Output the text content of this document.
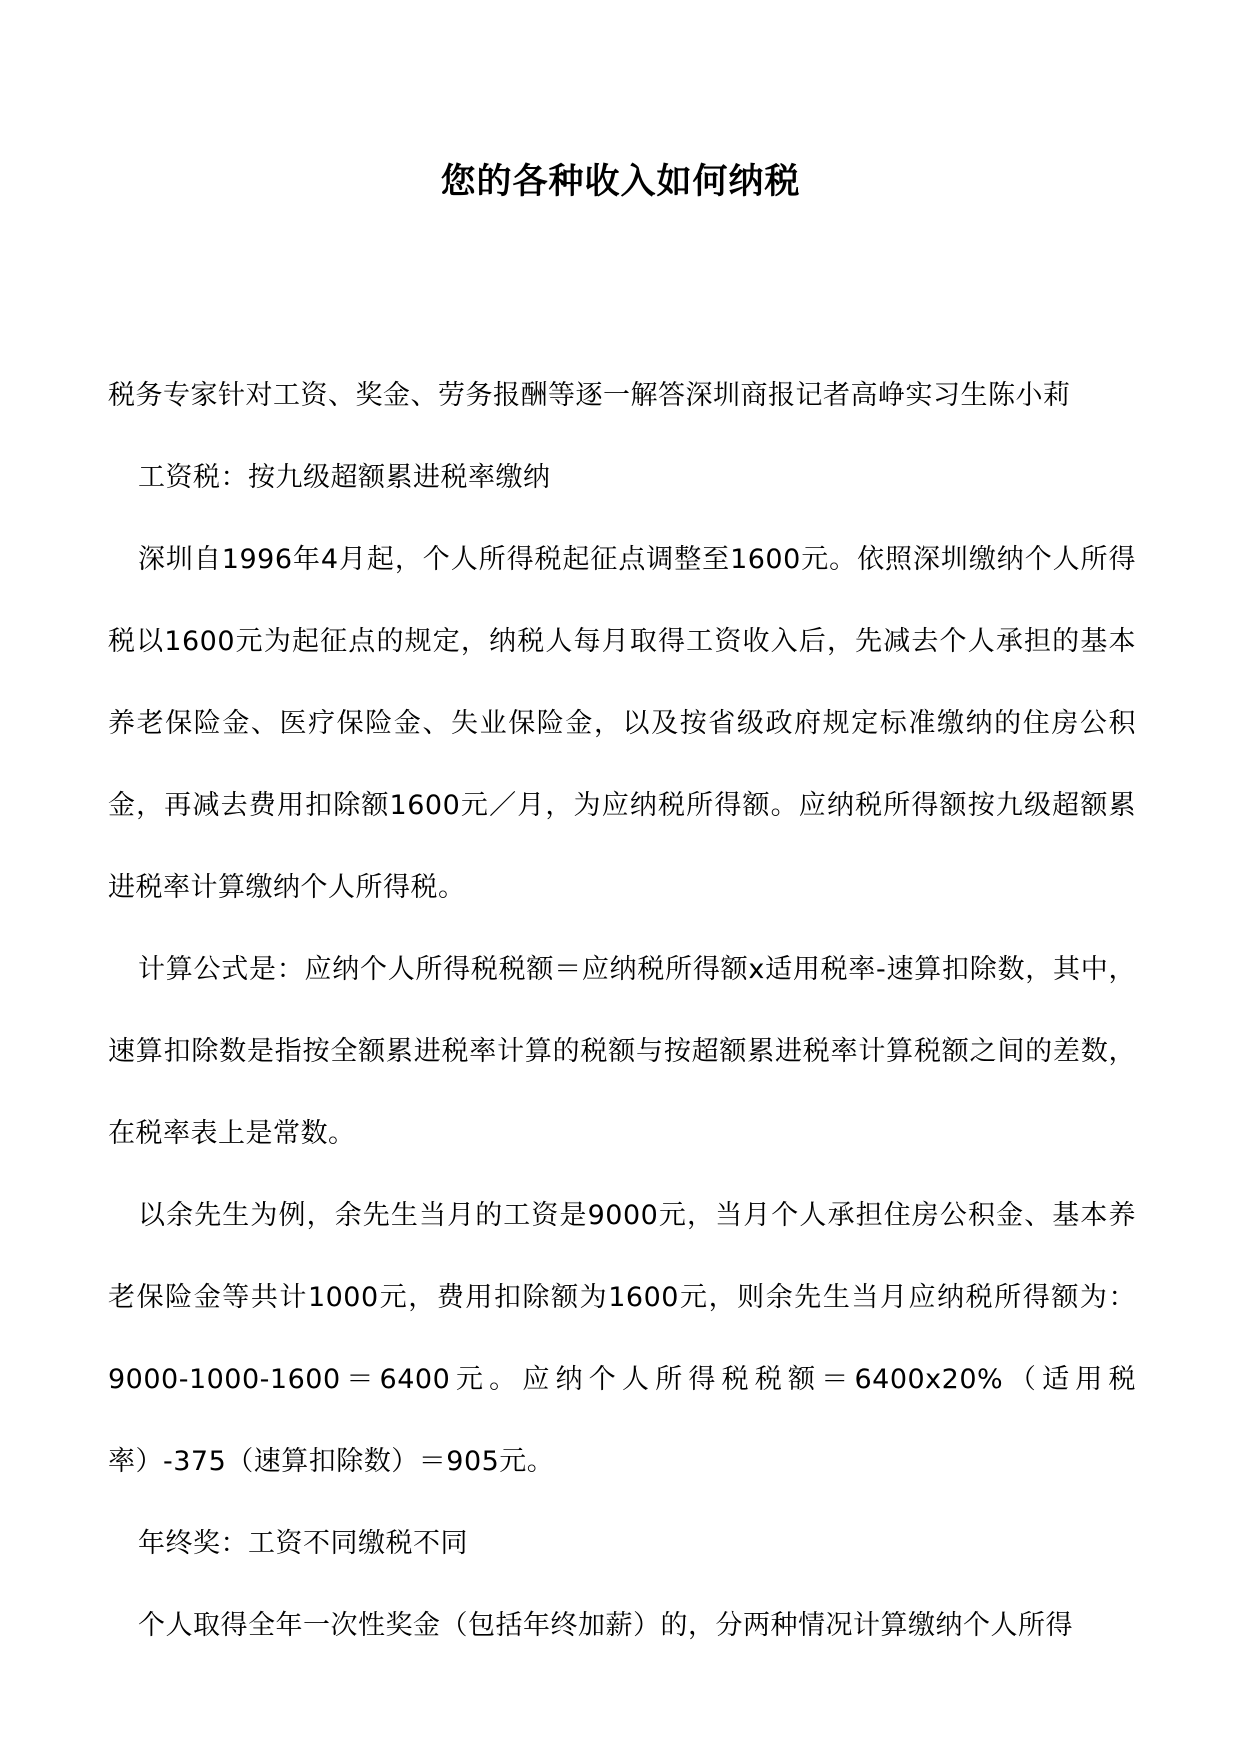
您的各种收入如何纳税

税务专家针对工资、奖金、劳务报酬等逐一解答深圳商报记者高峥实习生陈小莉

工资税：按九级超额累进税率缴纳

深圳自1996年4月起，个人所得税起征点调整至1600元。依照深圳缴纳个人所得税以1600元为起征点的规定，纳税人每月取得工资收入后，先减去个人承担的基本养老保险金、医疗保险金、失业保险金，以及按省级政府规定标准缴纳的住房公积金，再减去费用扣除额1600元／月，为应纳税所得额。应纳税所得额按九级超额累进税率计算缴纳个人所得税。

计算公式是：应纳个人所得税税额＝应纳税所得额x适用税率-速算扣除数，其中，速算扣除数是指按全额累进税率计算的税额与按超额累进税率计算税额之间的差数，在税率表上是常数。

以余先生为例，余先生当月的工资是9000元，当月个人承担住房公积金、基本养老保险金等共计1000元，费用扣除额为1600元，则余先生当月应纳税所得额为：9000-1000-1600＝6400元。应纳个人所得税税额＝6400x20%（适用税率）-375（速算扣除数）＝905元。

年终奖：工资不同缴税不同

个人取得全年一次性奖金（包括年终加薪）的，分两种情况计算缴纳个人所得
